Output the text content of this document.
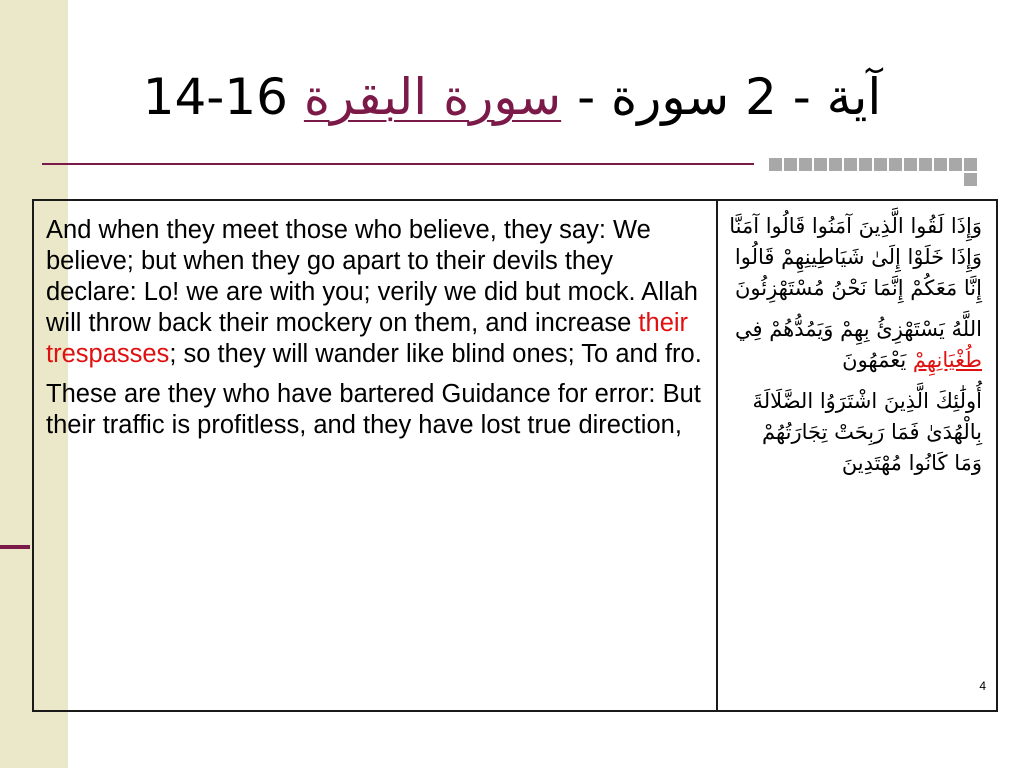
14-16	آية - 2 سورة - سورة البقرة

And when they meet those who believe, they say: We believe; but when they go apart to their devils they declare: Lo! we are with you; verily we did but mock. Allah will throw back their mockery on them, and increase their trespasses; so they will wander like blind ones; To and fro.

These are they who have bartered Guidance for error: But their traffic is profitless, and they have lost true direction,

وَإِذَا لَقُوا الَّذِينَ آمَنُوا قَالُوا آمَنَّا وَإِذَا خَلَوْا إِلَىٰ شَيَاطِينِهِمْ قَالُوا إِنَّا مَعَكُمْ إِنَّمَا نَحْنُ مُسْتَهْزِئُونَ

اللَّهُ يَسْتَهْزِئُ بِهِمْ وَيَمُدُّهُمْ فِي طُغْيَانِهِمْ يَعْمَهُونَ

أُولَٰئِكَ الَّذِينَ اشْتَرَوُا الضَّلَالَةَ بِالْهُدَىٰ فَمَا رَبِحَتْ تِجَارَتُهُمْ وَمَا كَانُوا مُهْتَدِينَ

4
